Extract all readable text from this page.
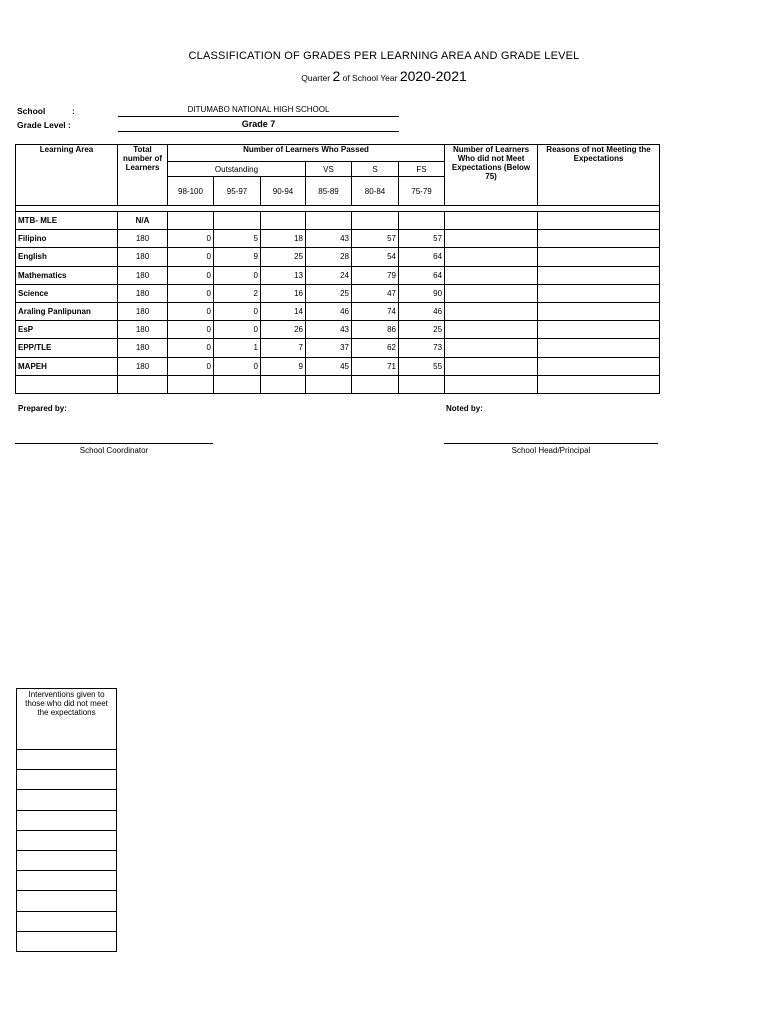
CLASSIFICATION OF GRADES PER LEARNING AREA AND GRADE LEVEL
Quarter 2 of School Year 2020-2021
School	:	DITUMABO NATIONAL HIGH SCHOOL
Grade Level :	Grade 7
Learning Area	Total number of Learners	Number of Learners Who Passed						Number of Learners Who did not Meet Expectations (Below 75)	Reasons of not Meeting the Expectations
		Outstanding			VS	S	FS		
		98-100	95-97	90-94	85-89	80-84	75-79		

MTB- MLE	N/A								
Filipino	180	0	5	18	43	57	57		
English	180	0	9	25	28	54	64		
Mathematics	180	0	0	13	24	79	64		
Science	180	0	2	16	25	47	90		
Araling Panlipunan	180	0	0	14	46	74	46		
EsP	180	0	0	26	43	86	25		
EPP/TLE	180	0	1	7	37	62	73		
MAPEH	180	0	0	9	45	71	55		

Prepared by:
School Coordinator
Noted by:
School Head/Principal
Interventions given to those who did not meet the expectations
